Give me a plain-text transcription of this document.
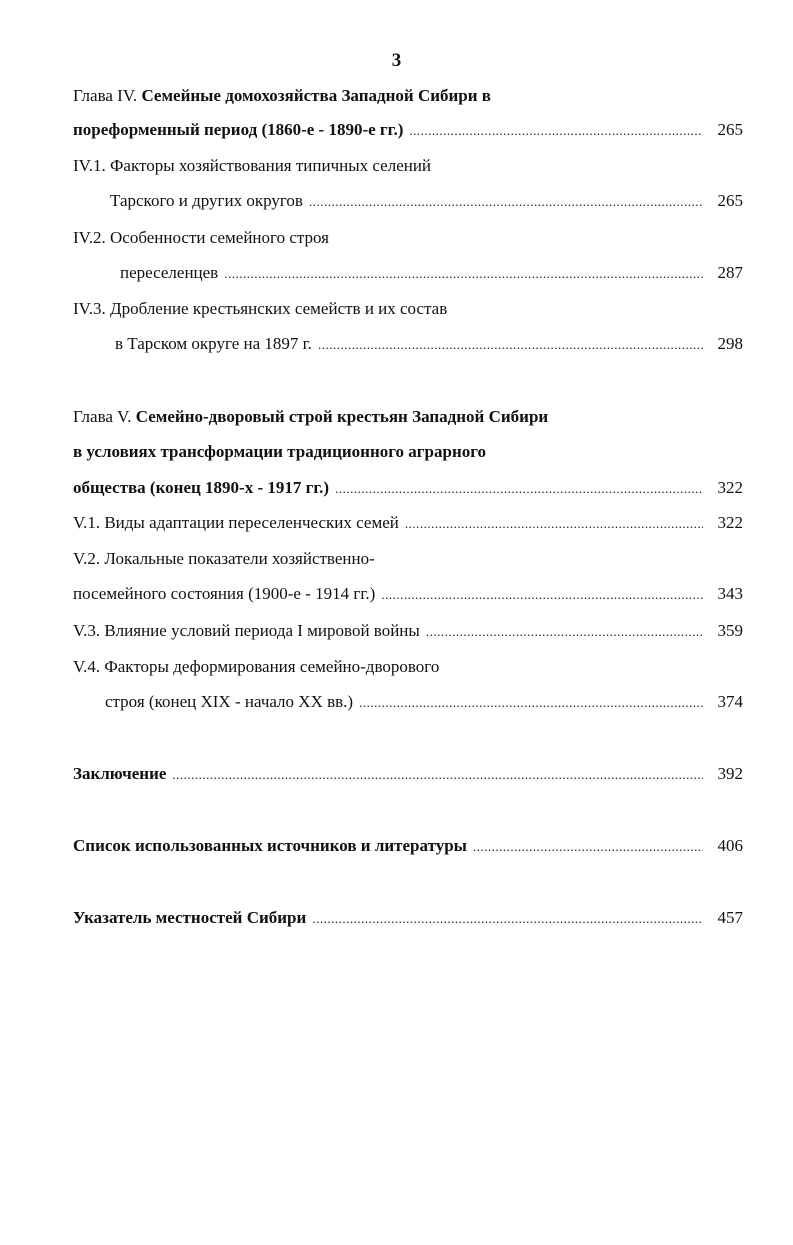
3
Глава IV. Семейные домохозяйства Западной Сибири в
пореформенный период (1860-е - 1890-е гг.) .....	265
IV.1. Факторы хозяйствования типичных селений
Тарского и других округов .....	265
IV.2. Особенности семейного строя
переселенцев .....	287
IV.3. Дробление крестьянских семейств и их состав
в Тарском округе на 1897 г. .....	298
Глава V. Семейно-дворовый строй крестьян Западной Сибири
в условиях трансформации традиционного аграрного
общества (конец 1890-х - 1917 гг.) .....	322
V.1. Виды адаптации переселенческих семей .....	322
V.2. Локальные показатели хозяйственно-
посемейного состояния (1900-е - 1914 гг.) .....	343
V.3. Влияние условий периода I мировой войны .....	359
V.4. Факторы деформирования семейно-дворового
строя (конец XIX - начало XX вв.) .....	374
Заключение .....	392
Список использованных источников и литературы .....	406
Указатель местностей Сибири .....	457
